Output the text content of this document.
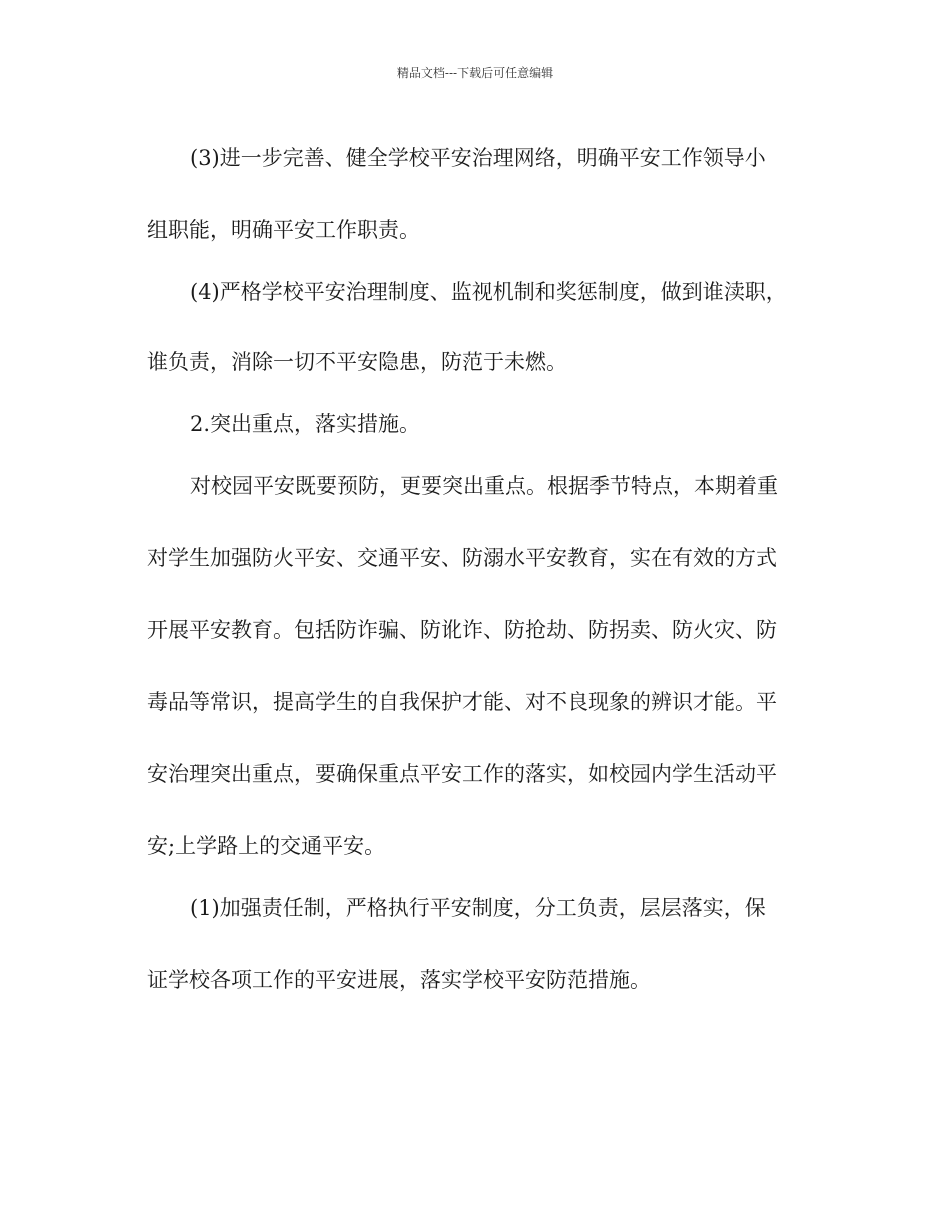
精品文档---下载后可任意编辑
(3)进一步完善、健全学校平安治理网络，明确平安工作领导小
组职能，明确平安工作职责。
(4)严格学校平安治理制度、监视机制和奖惩制度，做到谁渎职，
谁负责，消除一切不平安隐患，防范于未燃。
2.突出重点，落实措施。
对校园平安既要预防，更要突出重点。根据季节特点，本期着重
对学生加强防火平安、交通平安、防溺水平安教育，实在有效的方式
开展平安教育。包括防诈骗、防讹诈、防抢劫、防拐卖、防火灾、防
毒品等常识，提高学生的自我保护才能、对不良现象的辨识才能。平
安治理突出重点，要确保重点平安工作的落实，如校园内学生活动平
安;上学路上的交通平安。
(1)加强责任制，严格执行平安制度，分工负责，层层落实，保
证学校各项工作的平安进展，落实学校平安防范措施。
